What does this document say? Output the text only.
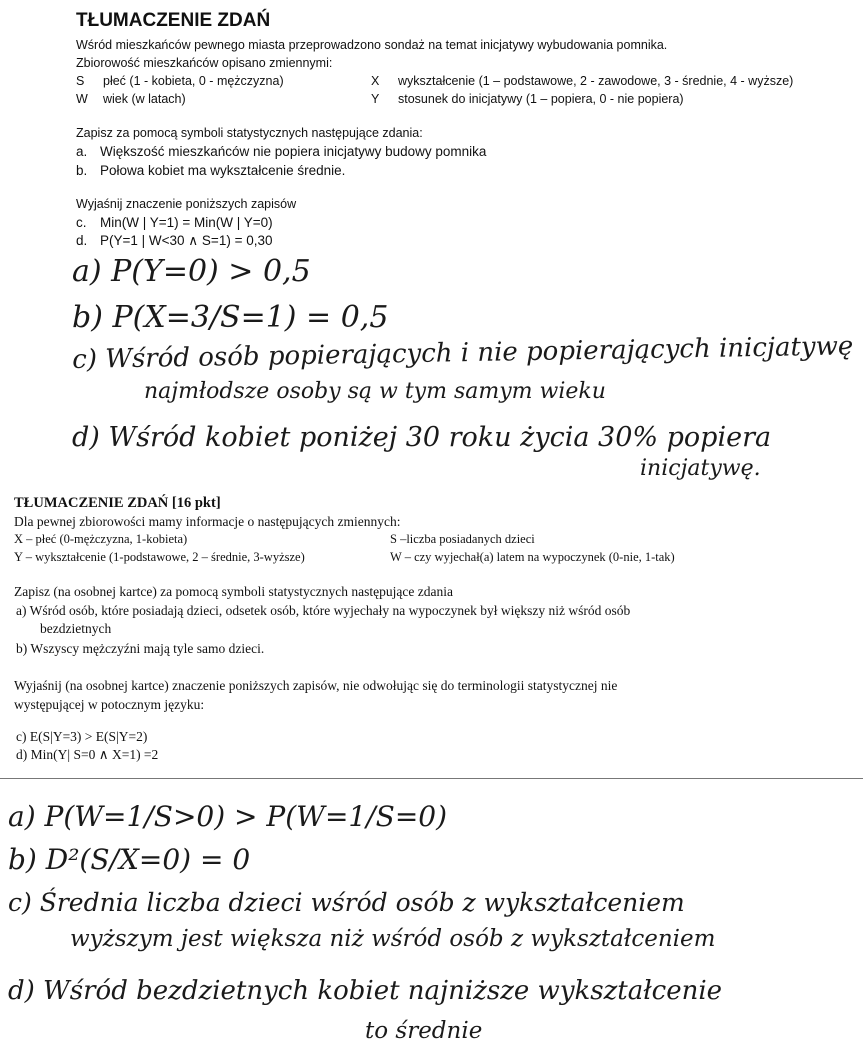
TŁUMACZENIE ZDAŃ
Wśród mieszkańców pewnego miasta przeprowadzono sondaż na temat inicjatywy wybudowania pomnika.
Zbiorowość mieszkańców opisano zmiennymi:
S płeć (1 - kobieta, 0 - mężczyzna)	X wykształcenie (1 – podstawowe, 2 - zawodowe, 3 - średnie, 4 - wyższe)
W wiek (w latach)	Y stosunek do inicjatywy (1 – popiera, 0 - nie popiera)
Zapisz za pomocą symboli statystycznych następujące zdania:
a. Większość mieszkańców nie popiera inicjatywy budowy pomnika
b. Połowa kobiet ma wykształcenie średnie.
Wyjaśnij znaczenie poniższych zapisów
c. Min(W | Y=1) = Min(W | Y=0)
d. P(Y=1 | W<30 ∧ S=1) = 0,30
a) P(Y=0) > 0,5
b) P(X=3/S=1) = 0,5
c) Wśród osób popierających i nie popierających inicjatywę
najmłodsze osoby są w tym samym wieku
d) Wśród kobiet poniżej 30 roku życia 30% popiera
inicjatywę.
TŁUMACZENIE ZDAŃ [16 pkt]
Dla pewnej zbiorowości mamy informacje o następujących zmiennych:
X – płeć (0-mężczyzna, 1-kobieta)	S –liczba posiadanych dzieci
Y – wykształcenie (1-podstawowe, 2 – średnie, 3-wyższe)	W – czy wyjechał(a) latem na wypoczynek (0-nie, 1-tak)
Zapisz (na osobnej kartce) za pomocą symboli statystycznych następujące zdania
a) Wśród osób, które posiadają dzieci, odsetek osób, które wyjechały na wypoczynek był większy niż wśród osób
bezdzietnych
b) Wszyscy mężczyźni mają tyle samo dzieci.
Wyjaśnij (na osobnej kartce) znaczenie poniższych zapisów, nie odwołując się do terminologii statystycznej nie
występującej w potocznym języku:
c) E(S|Y=3) > E(S|Y=2)
d) Min(Y| S=0 ∧ X=1) =2
a) P(W=1/S>0) > P(W=1/S=0)
b) D²(S/X=0) = 0
c) Średnia liczba dzieci wśród osób z wykształceniem
wyższym jest większa niż wśród osób z wykształceniem
d) Wśród bezdzietnych kobiet najniższe wykształcenie
to średnie
